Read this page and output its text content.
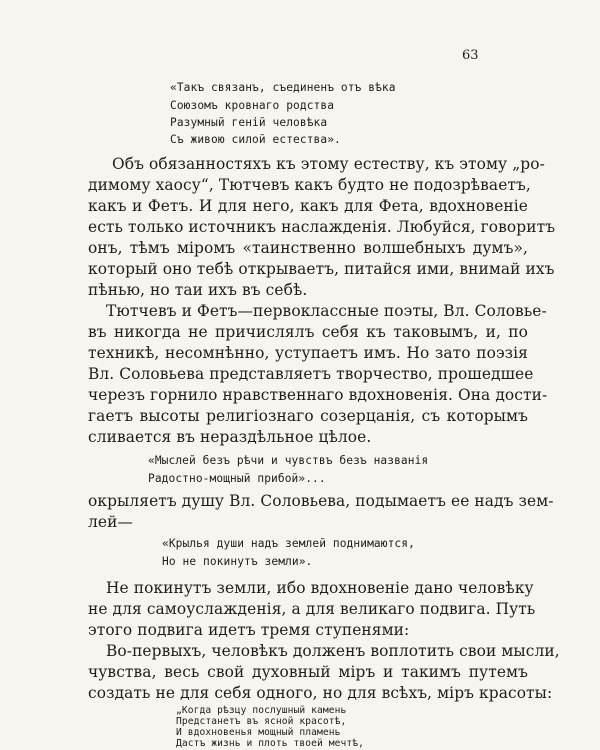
63
«Такъ связанъ, съединенъ отъ вѣка
Союзомъ кровнаго родства
Разумный геній человѣка
Съ живою силой естества».
Объ обязанностяхъ къ этому естеству, къ этому „ро-
димому хаосу“, Тютчевъ какъ будто не подозрѣваетъ,
какъ и Фетъ. И для него, какъ для Фета, вдохновеніе
есть только источникъ наслажденія. Любуйся, говоритъ
онъ, тѣмъ міромъ «таинственно волшебныхъ думъ»,
который оно тебѣ открываетъ, питайся ими, внимай ихъ
пѣнью, но таи ихъ въ себѣ.
Тютчевъ и Фетъ—первоклассные поэты, Вл. Соловье-
въ никогда не причислялъ себя къ таковымъ, и, по
техникѣ, несомнѣнно, уступаетъ имъ. Но зато поэзія
Вл. Соловьева представляетъ творчество, прошедшее
черезъ горнило нравственнаго вдохновенія. Она дости-
гаетъ высоты религіознаго созерцанія, съ которымъ
сливается въ нераздѣльное цѣлое.
«Мыслей безъ рѣчи и чувствъ безъ названія
Радостно-мощный прибой»...
окрыляетъ душу Вл. Соловьева, подымаетъ ее надъ зем-
лей—
«Крылья души надъ землей поднимаются,
Но не покинутъ земли».
Не покинутъ земли, ибо вдохновеніе дано человѣку
не для самоуслажденія, а для великаго подвига. Путь
этого подвига идетъ тремя ступенями:
Во-первыхъ, человѣкъ долженъ воплотить свои мысли,
чувства, весь свой духовный міръ и такимъ путемъ
создать не для себя одного, но для всѣхъ, міръ красоты:
„Когда рѣзцу послушный камень
Предстанетъ въ ясной красотѣ,
И вдохновенья мощный пламень
Дастъ жизнь и плоть твоей мечтѣ,
